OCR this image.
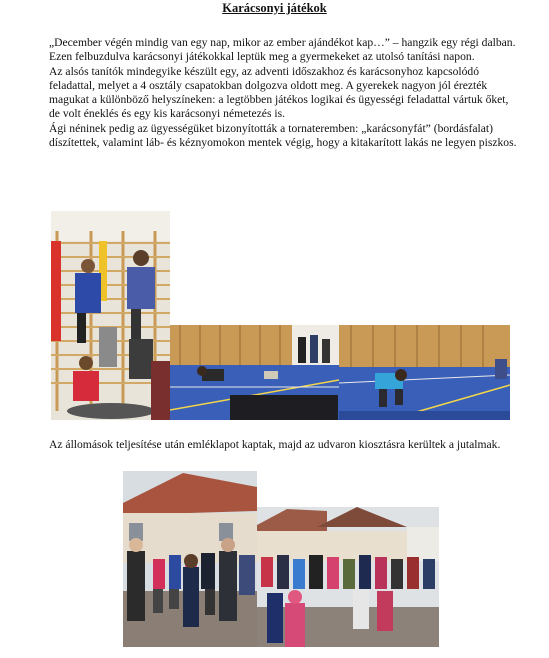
Karácsonyi játékok

„December végén mindig van egy nap, mikor az ember ajándékot kap…” – hangzik egy régi dalban.

Ezen felbuzdulva karácsonyi játékokkal leptük meg a gyermekeket az utolsó tanítási napon.

Az alsós tanítók mindegyike készült egy, az adventi időszakhoz és karácsonyhoz kapcsolódó feladattal, melyet a 4 osztály csapatokban dolgozva oldott meg. A gyerekek nagyon jól érezték magukat a különböző helyszíneken: a legtöbben játékos logikai és ügyességi feladattal vártuk őket, de volt éneklés és egy kis karácsonyi németezés is.

Ági néninek pedig az ügyességüket bizonyították a tornateremben: „karácsonyfát” (bordásfalat) díszítettek, valamint láb- és kéznyomokon mentek végig, hogy a kitakarított lakás ne legyen piszkos.

Az állomások teljesítése után emléklapot kaptak, majd az udvaron kiosztásra kerültek a jutalmak.
